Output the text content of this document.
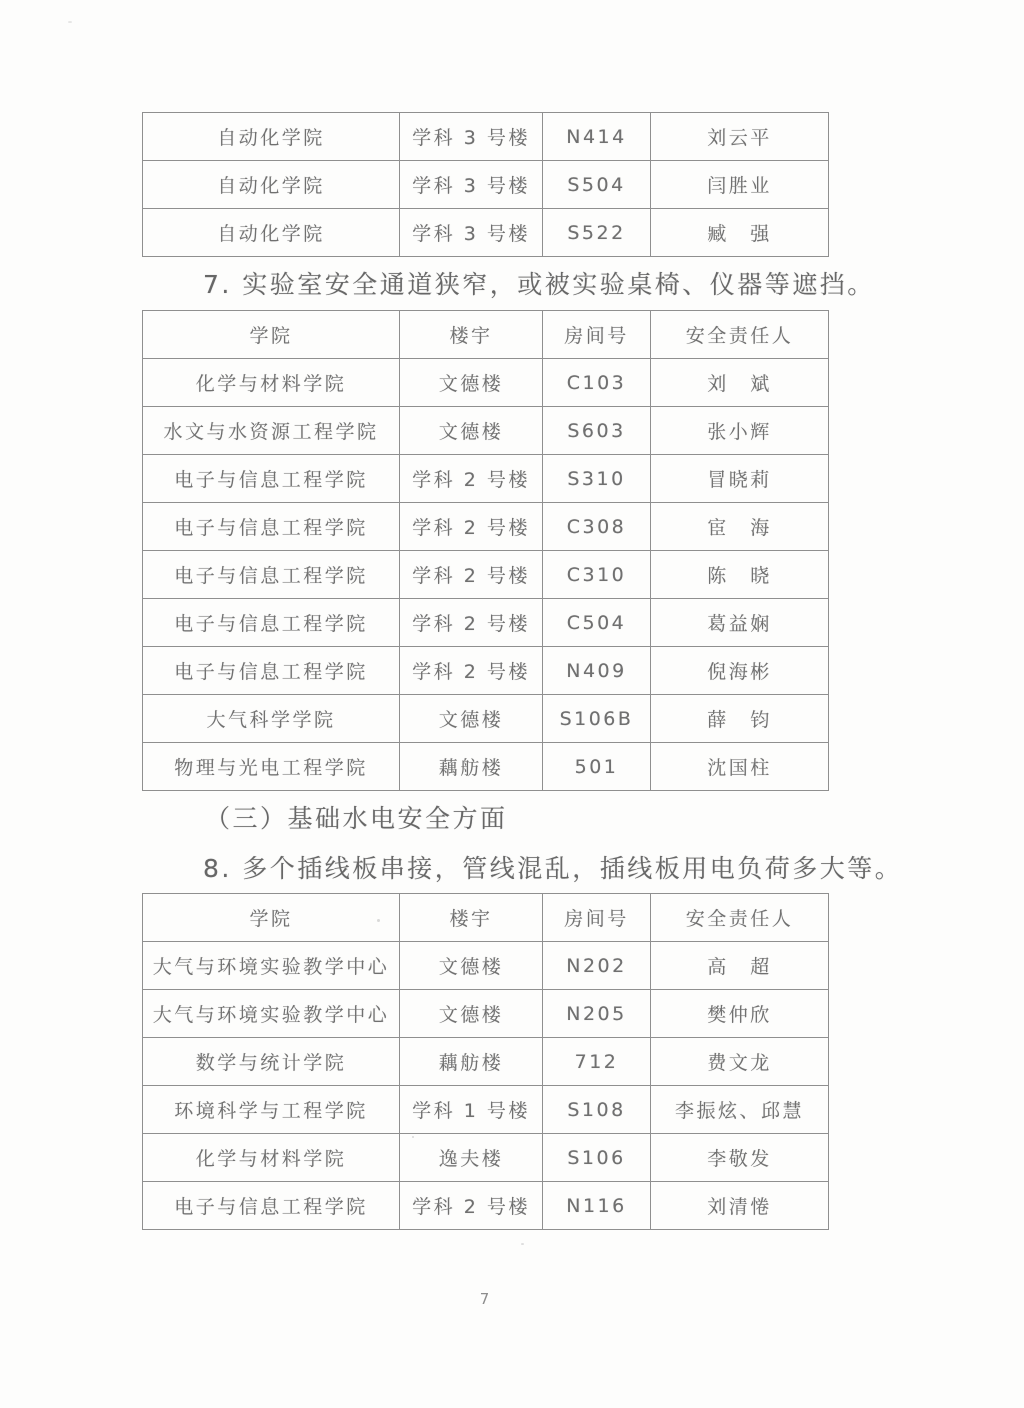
自动化学院	学科 3 号楼	N414	刘云平
自动化学院	学科 3 号楼	S504	闫胜业
自动化学院	学科 3 号楼	S522	臧　强
7. 实验室安全通道狭窄，或被实验桌椅、仪器等遮挡。
学院	楼宇	房间号	安全责任人
化学与材料学院	文德楼	C103	刘　斌
水文与水资源工程学院	文德楼	S603	张小辉
电子与信息工程学院	学科 2 号楼	S310	冒晓莉
电子与信息工程学院	学科 2 号楼	C308	宦　海
电子与信息工程学院	学科 2 号楼	C310	陈　晓
电子与信息工程学院	学科 2 号楼	C504	葛益娴
电子与信息工程学院	学科 2 号楼	N409	倪海彬
大气科学学院	文德楼	S106B	薛　钧
物理与光电工程学院	藕舫楼	501	沈国柱
（三）基础水电安全方面
8. 多个插线板串接，管线混乱，插线板用电负荷多大等。
学院	楼宇	房间号	安全责任人
大气与环境实验教学中心	文德楼	N202	高　超
大气与环境实验教学中心	文德楼	N205	樊仲欣
数学与统计学院	藕舫楼	712	费文龙
环境科学与工程学院	学科 1 号楼	S108	李振炫、邱慧
化学与材料学院	逸夫楼	S106	李敬发
电子与信息工程学院	学科 2 号楼	N116	刘清惓
7
